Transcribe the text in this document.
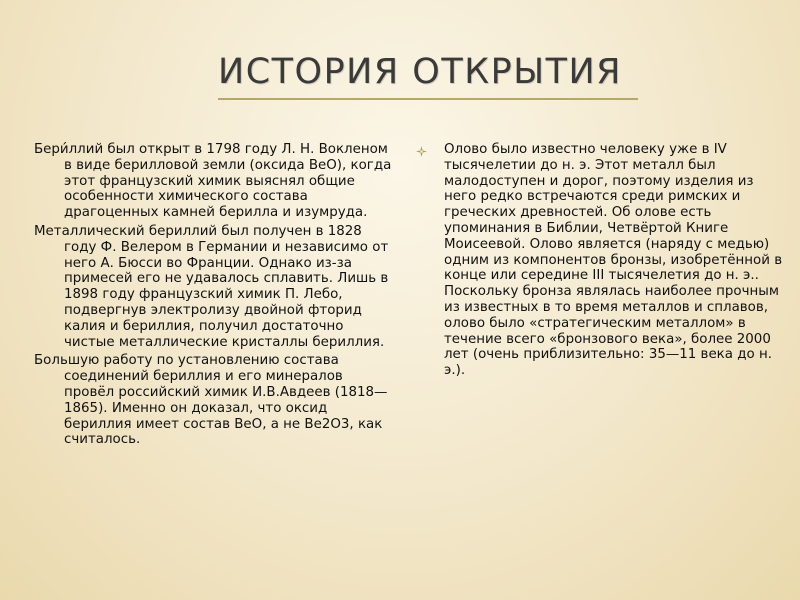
ИСТОРИЯ ОТКРЫТИЯ

Бери́ллий был открыт в 1798 году Л. Н. Вокленом в виде берилловой земли (оксида BeO), когда этот французский химик выяснял общие особенности химического состава драгоценных камней берилла и изумруда.

Металлический бериллий был получен в 1828 году Ф. Велером в Германии и независимо от него А. Бюсси во Франции. Однако из-за примесей его не удавалось сплавить. Лишь в 1898 году французский химик П. Лебо, подвергнув электролизу двойной фторид калия и бериллия, получил достаточно чистые металлические кристаллы бериллия.

Большую работу по установлению состава соединений бериллия и его минералов провёл российский химик И.В.Авдеев (1818—1865). Именно он доказал, что оксид бериллия имеет состав BeO, а не Be2O3, как считалось.

Олово было известно человеку уже в IV тысячелетии до н. э. Этот металл был малодоступен и дорог, поэтому изделия из него редко встречаются среди римских и греческих древностей. Об олове есть упоминания в Библии, Четвёртой Книге Моисеевой. Олово является (наряду с медью) одним из компонентов бронзы, изобретённой в конце или середине III тысячелетия до н. э.. Поскольку бронза являлась наиболее прочным из известных в то время металлов и сплавов, олово было «стратегическим металлом» в течение всего «бронзового века», более 2000 лет (очень приблизительно: 35—11 века до н. э.).
